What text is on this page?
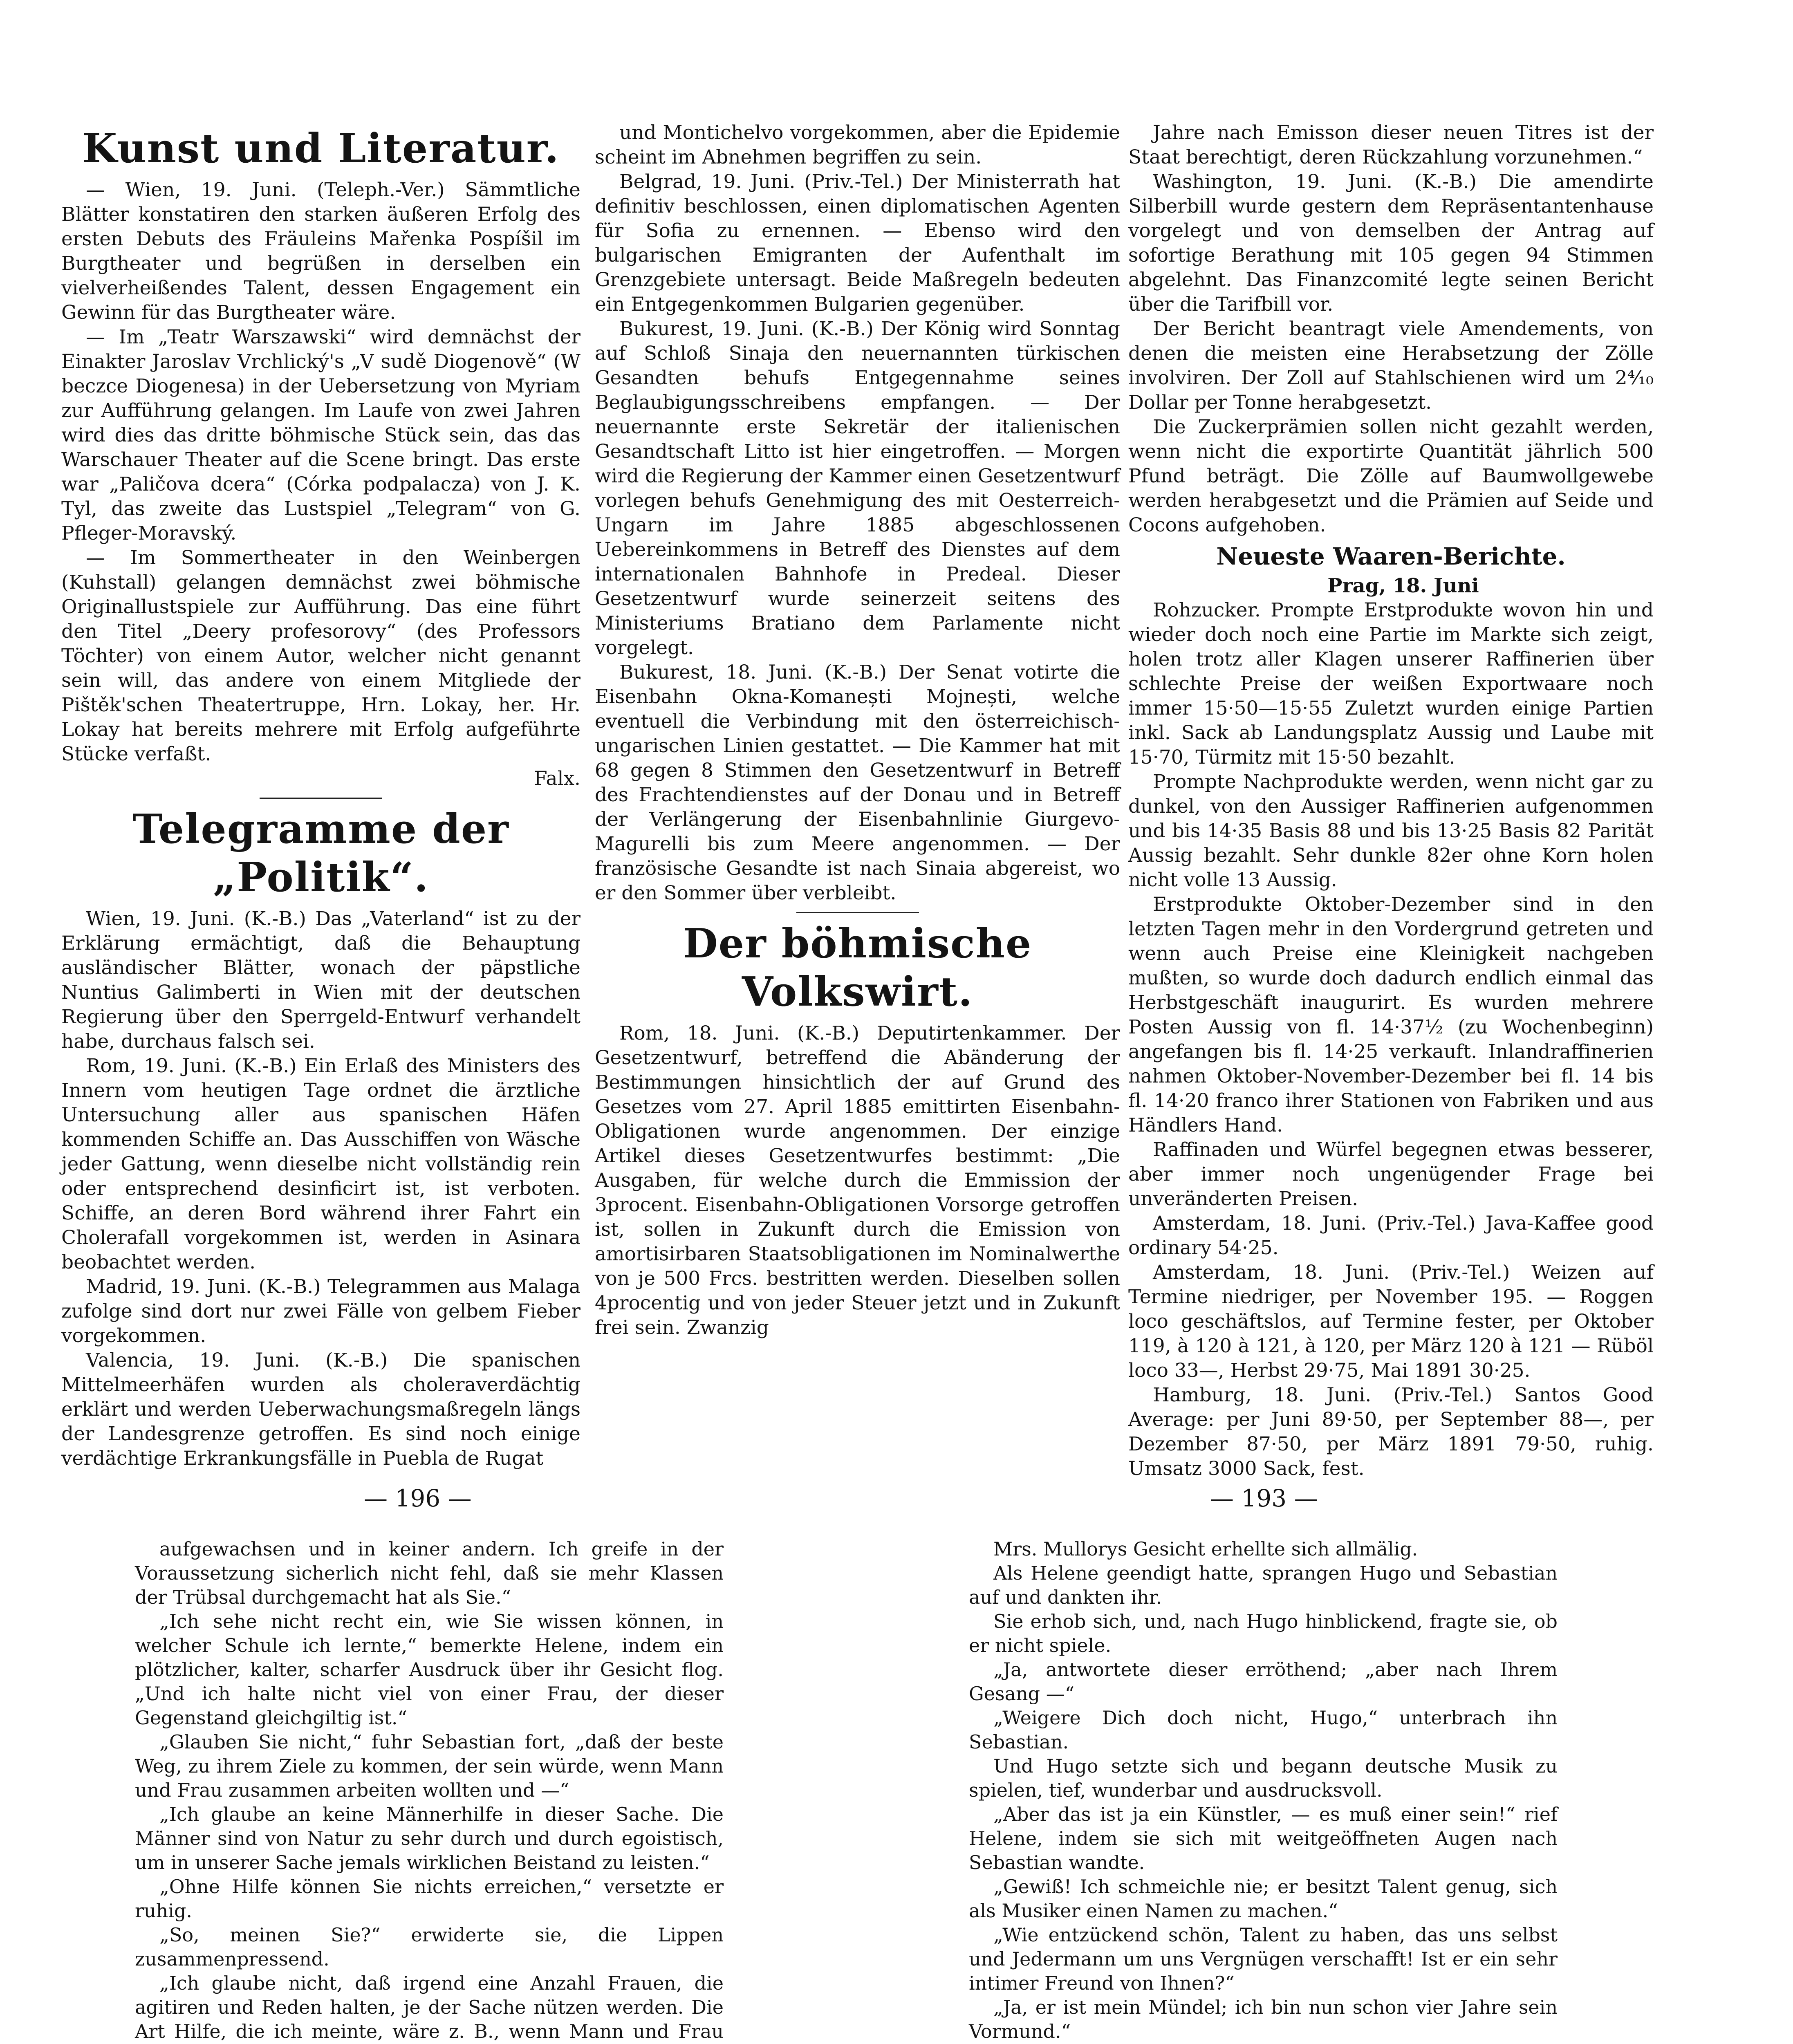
Kunst und Literatur.

— Wien, 19. Juni. (Teleph.-Ver.) Sämmtliche Blätter konstatiren den starken äußeren Erfolg des ersten Debuts des Fräuleins Mařenka Pospíšil im Burgtheater und begrüßen in derselben ein vielverheißendes Talent, dessen Engagement ein Gewinn für das Burgtheater wäre.

— Im „Teatr Warszawski“ wird demnächst der Einakter Jaroslav Vrchlický's „V sudě Diogenově“ (W beczce Diogenesa) in der Uebersetzung von Myriam zur Aufführung gelangen. Im Laufe von zwei Jahren wird dies das dritte böhmische Stück sein, das das Warschauer Theater auf die Scene bringt. Das erste war „Paličova dcera“ (Córka podpalacza) von J. K. Tyl, das zweite das Lustspiel „Telegram“ von G. Pfleger-Moravský.

— Im Sommertheater in den Weinbergen (Kuhstall) gelangen demnächst zwei böhmische Originallustspiele zur Aufführung. Das eine führt den Titel „Deery profesorovy“ (des Professors Töchter) von einem Autor, welcher nicht genannt sein will, das andere von einem Mitgliede der Pištěk'schen Theatertruppe, Hrn. Lokay, her. Hr. Lokay hat bereits mehrere mit Erfolg aufgeführte Stücke verfaßt.

Falx.

Telegramme der „Politik“.

Wien, 19. Juni. (K.-B.) Das „Vaterland“ ist zu der Erklärung ermächtigt, daß die Behauptung ausländischer Blätter, wonach der päpstliche Nuntius Galimberti in Wien mit der deutschen Regierung über den Sperrgeld-Entwurf verhandelt habe, durchaus falsch sei.

Rom, 19. Juni. (K.-B.) Ein Erlaß des Ministers des Innern vom heutigen Tage ordnet die ärztliche Untersuchung aller aus spanischen Häfen kommenden Schiffe an. Das Ausschiffen von Wäsche jeder Gattung, wenn dieselbe nicht vollständig rein oder entsprechend desinficirt ist, ist verboten. Schiffe, an deren Bord während ihrer Fahrt ein Cholerafall vorgekommen ist, werden in Asinara beobachtet werden.

Madrid, 19. Juni. (K.-B.) Telegrammen aus Malaga zufolge sind dort nur zwei Fälle von gelbem Fieber vorgekommen.

Valencia, 19. Juni. (K.-B.) Die spanischen Mittelmeerhäfen wurden als choleraverdächtig erklärt und werden Ueberwachungsmaßregeln längs der Landesgrenze getroffen. Es sind noch einige verdächtige Erkrankungsfälle in Puebla de Rugat

und Montichelvo vorgekommen, aber die Epidemie scheint im Abnehmen begriffen zu sein.

Belgrad, 19. Juni. (Priv.-Tel.) Der Ministerrath hat definitiv beschlossen, einen diplomatischen Agenten für Sofia zu ernennen. — Ebenso wird den bulgarischen Emigranten der Aufenthalt im Grenzgebiete untersagt. Beide Maßregeln bedeuten ein Entgegenkommen Bulgarien gegenüber.

Bukurest, 19. Juni. (K.-B.) Der König wird Sonntag auf Schloß Sinaja den neuernannten türkischen Gesandten behufs Entgegennahme seines Beglaubigungsschreibens empfangen. — Der neuernannte erste Sekretär der italienischen Gesandtschaft Litto ist hier eingetroffen. — Morgen wird die Regierung der Kammer einen Gesetzentwurf vorlegen behufs Genehmigung des mit Oesterreich-Ungarn im Jahre 1885 abgeschlossenen Uebereinkommens in Betreff des Dienstes auf dem internationalen Bahnhofe in Predeal. Dieser Gesetzentwurf wurde seinerzeit seitens des Ministeriums Bratiano dem Parlamente nicht vorgelegt.

Bukurest, 18. Juni. (K.-B.) Der Senat votirte die Eisenbahn Okna-Komanești Mojnești, welche eventuell die Verbindung mit den österreichisch-ungarischen Linien gestattet. — Die Kammer hat mit 68 gegen 8 Stimmen den Gesetzentwurf in Betreff des Frachtendienstes auf der Donau und in Betreff der Verlängerung der Eisenbahnlinie Giurgevo-Magurelli bis zum Meere angenommen. — Der französische Gesandte ist nach Sinaia abgereist, wo er den Sommer über verbleibt.

Der böhmische Volkswirt.

Rom, 18. Juni. (K.-B.) Deputirtenkammer. Der Gesetzentwurf, betreffend die Abänderung der Bestimmungen hinsichtlich der auf Grund des Gesetzes vom 27. April 1885 emittirten Eisenbahn-Obligationen wurde angenommen. Der einzige Artikel dieses Gesetzentwurfes bestimmt: „Die Ausgaben, für welche durch die Emmission der 3procent. Eisenbahn-Obligationen Vorsorge getroffen ist, sollen in Zukunft durch die Emission von amortisirbaren Staatsobligationen im Nominalwerthe von je 500 Frcs. bestritten werden. Dieselben sollen 4procentig und von jeder Steuer jetzt und in Zukunft frei sein. Zwanzig

Jahre nach Emisson dieser neuen Titres ist der Staat berechtigt, deren Rückzahlung vorzunehmen.“

Washington, 19. Juni. (K.-B.) Die amendirte Silberbill wurde gestern dem Repräsentantenhause vorgelegt und von demselben der Antrag auf sofortige Berathung mit 105 gegen 94 Stimmen abgelehnt. Das Finanzcomité legte seinen Bericht über die Tarifbill vor.

Der Bericht beantragt viele Amendements, von denen die meisten eine Herabsetzung der Zölle involviren. Der Zoll auf Stahlschienen wird um 2⁴⁄₁₀ Dollar per Tonne herabgesetzt.

Die Zuckerprämien sollen nicht gezahlt werden, wenn nicht die exportirte Quantität jährlich 500 Pfund beträgt. Die Zölle auf Baumwollgewebe werden herabgesetzt und die Prämien auf Seide und Cocons aufgehoben.

Neueste Waaren-Berichte.

Prag, 18. Juni

Rohzucker. Prompte Erstprodukte wovon hin und wieder doch noch eine Partie im Markte sich zeigt, holen trotz aller Klagen unserer Raffinerien über schlechte Preise der weißen Exportwaare noch immer 15·50—15·55 Zuletzt wurden einige Partien inkl. Sack ab Landungsplatz Aussig und Laube mit 15·70, Türmitz mit 15·50 bezahlt.

Prompte Nachprodukte werden, wenn nicht gar zu dunkel, von den Aussiger Raffinerien aufgenommen und bis 14·35 Basis 88 und bis 13·25 Basis 82 Parität Aussig bezahlt. Sehr dunkle 82er ohne Korn holen nicht volle 13 Aussig.

Erstprodukte Oktober-Dezember sind in den letzten Tagen mehr in den Vordergrund getreten und wenn auch Preise eine Kleinigkeit nachgeben mußten, so wurde doch dadurch endlich einmal das Herbstgeschäft inaugurirt. Es wurden mehrere Posten Aussig von fl. 14·37½ (zu Wochenbeginn) angefangen bis fl. 14·25 verkauft. Inlandraffinerien nahmen Oktober-November-Dezember bei fl. 14 bis fl. 14·20 franco ihrer Stationen von Fabriken und aus Händlers Hand.

Raffinaden und Würfel begegnen etwas besserer, aber immer noch ungenügender Frage bei unveränderten Preisen.

Amsterdam, 18. Juni. (Priv.-Tel.) Java-Kaffee good ordinary 54·25.

Amsterdam, 18. Juni. (Priv.-Tel.) Weizen auf Termine niedriger, per November 195. — Roggen loco geschäftslos, auf Termine fester, per Oktober 119, à 120 à 121, à 120, per März 120 à 121 — Rüböl loco 33—, Herbst 29·75, Mai 1891 30·25.

Hamburg, 18. Juni. (Priv.-Tel.) Santos Good Average: per Juni 89·50, per September 88—, per Dezember 87·50, per März 1891 79·50, ruhig. Umsatz 3000 Sack, fest.

— 196 —	— 193 —

aufgewachsen und in keiner andern. Ich greife in der Voraussetzung sicherlich nicht fehl, daß sie mehr Klassen der Trübsal durchgemacht hat als Sie.“

„Ich sehe nicht recht ein, wie Sie wissen können, in welcher Schule ich lernte,“ bemerkte Helene, indem ein plötzlicher, kalter, scharfer Ausdruck über ihr Gesicht flog. „Und ich halte nicht viel von einer Frau, der dieser Gegenstand gleichgiltig ist.“

„Glauben Sie nicht,“ fuhr Sebastian fort, „daß der beste Weg, zu ihrem Ziele zu kommen, der sein würde, wenn Mann und Frau zusammen arbeiten wollten und —“

„Ich glaube an keine Männerhilfe in dieser Sache. Die Männer sind von Natur zu sehr durch und durch egoistisch, um in unserer Sache jemals wirklichen Beistand zu leisten.“

„Ohne Hilfe können Sie nichts erreichen,“ versetzte er ruhig.

„So, meinen Sie?“ erwiderte sie, die Lippen zusammenpressend.

„Ich glaube nicht, daß irgend eine Anzahl Frauen, die agitiren und Reden halten, je der Sache nützen werden. Die Art Hilfe, die ich meinte, wäre z. B., wenn Mann und Frau

Mrs. Mullorys Gesicht erhellte sich allmälig.

Als Helene geendigt hatte, sprangen Hugo und Sebastian auf und dankten ihr.

Sie erhob sich, und, nach Hugo hinblickend, fragte sie, ob er nicht spiele.

„Ja, antwortete dieser erröthend; „aber nach Ihrem Gesang —“

„Weigere Dich doch nicht, Hugo,“ unterbrach ihn Sebastian.

Und Hugo setzte sich und begann deutsche Musik zu spielen, tief, wunderbar und ausdrucksvoll.

„Aber das ist ja ein Künstler, — es muß einer sein!“ rief Helene, indem sie sich mit weitgeöffneten Augen nach Sebastian wandte.

„Gewiß! Ich schmeichle nie; er besitzt Talent genug, sich als Musiker einen Namen zu machen.“

„Wie entzückend schön, Talent zu haben, das uns selbst und Jedermann um uns Vergnügen verschafft! Ist er ein sehr intimer Freund von Ihnen?“

„Ja, er ist mein Mündel; ich bin nun schon vier Jahre sein Vormund.“
